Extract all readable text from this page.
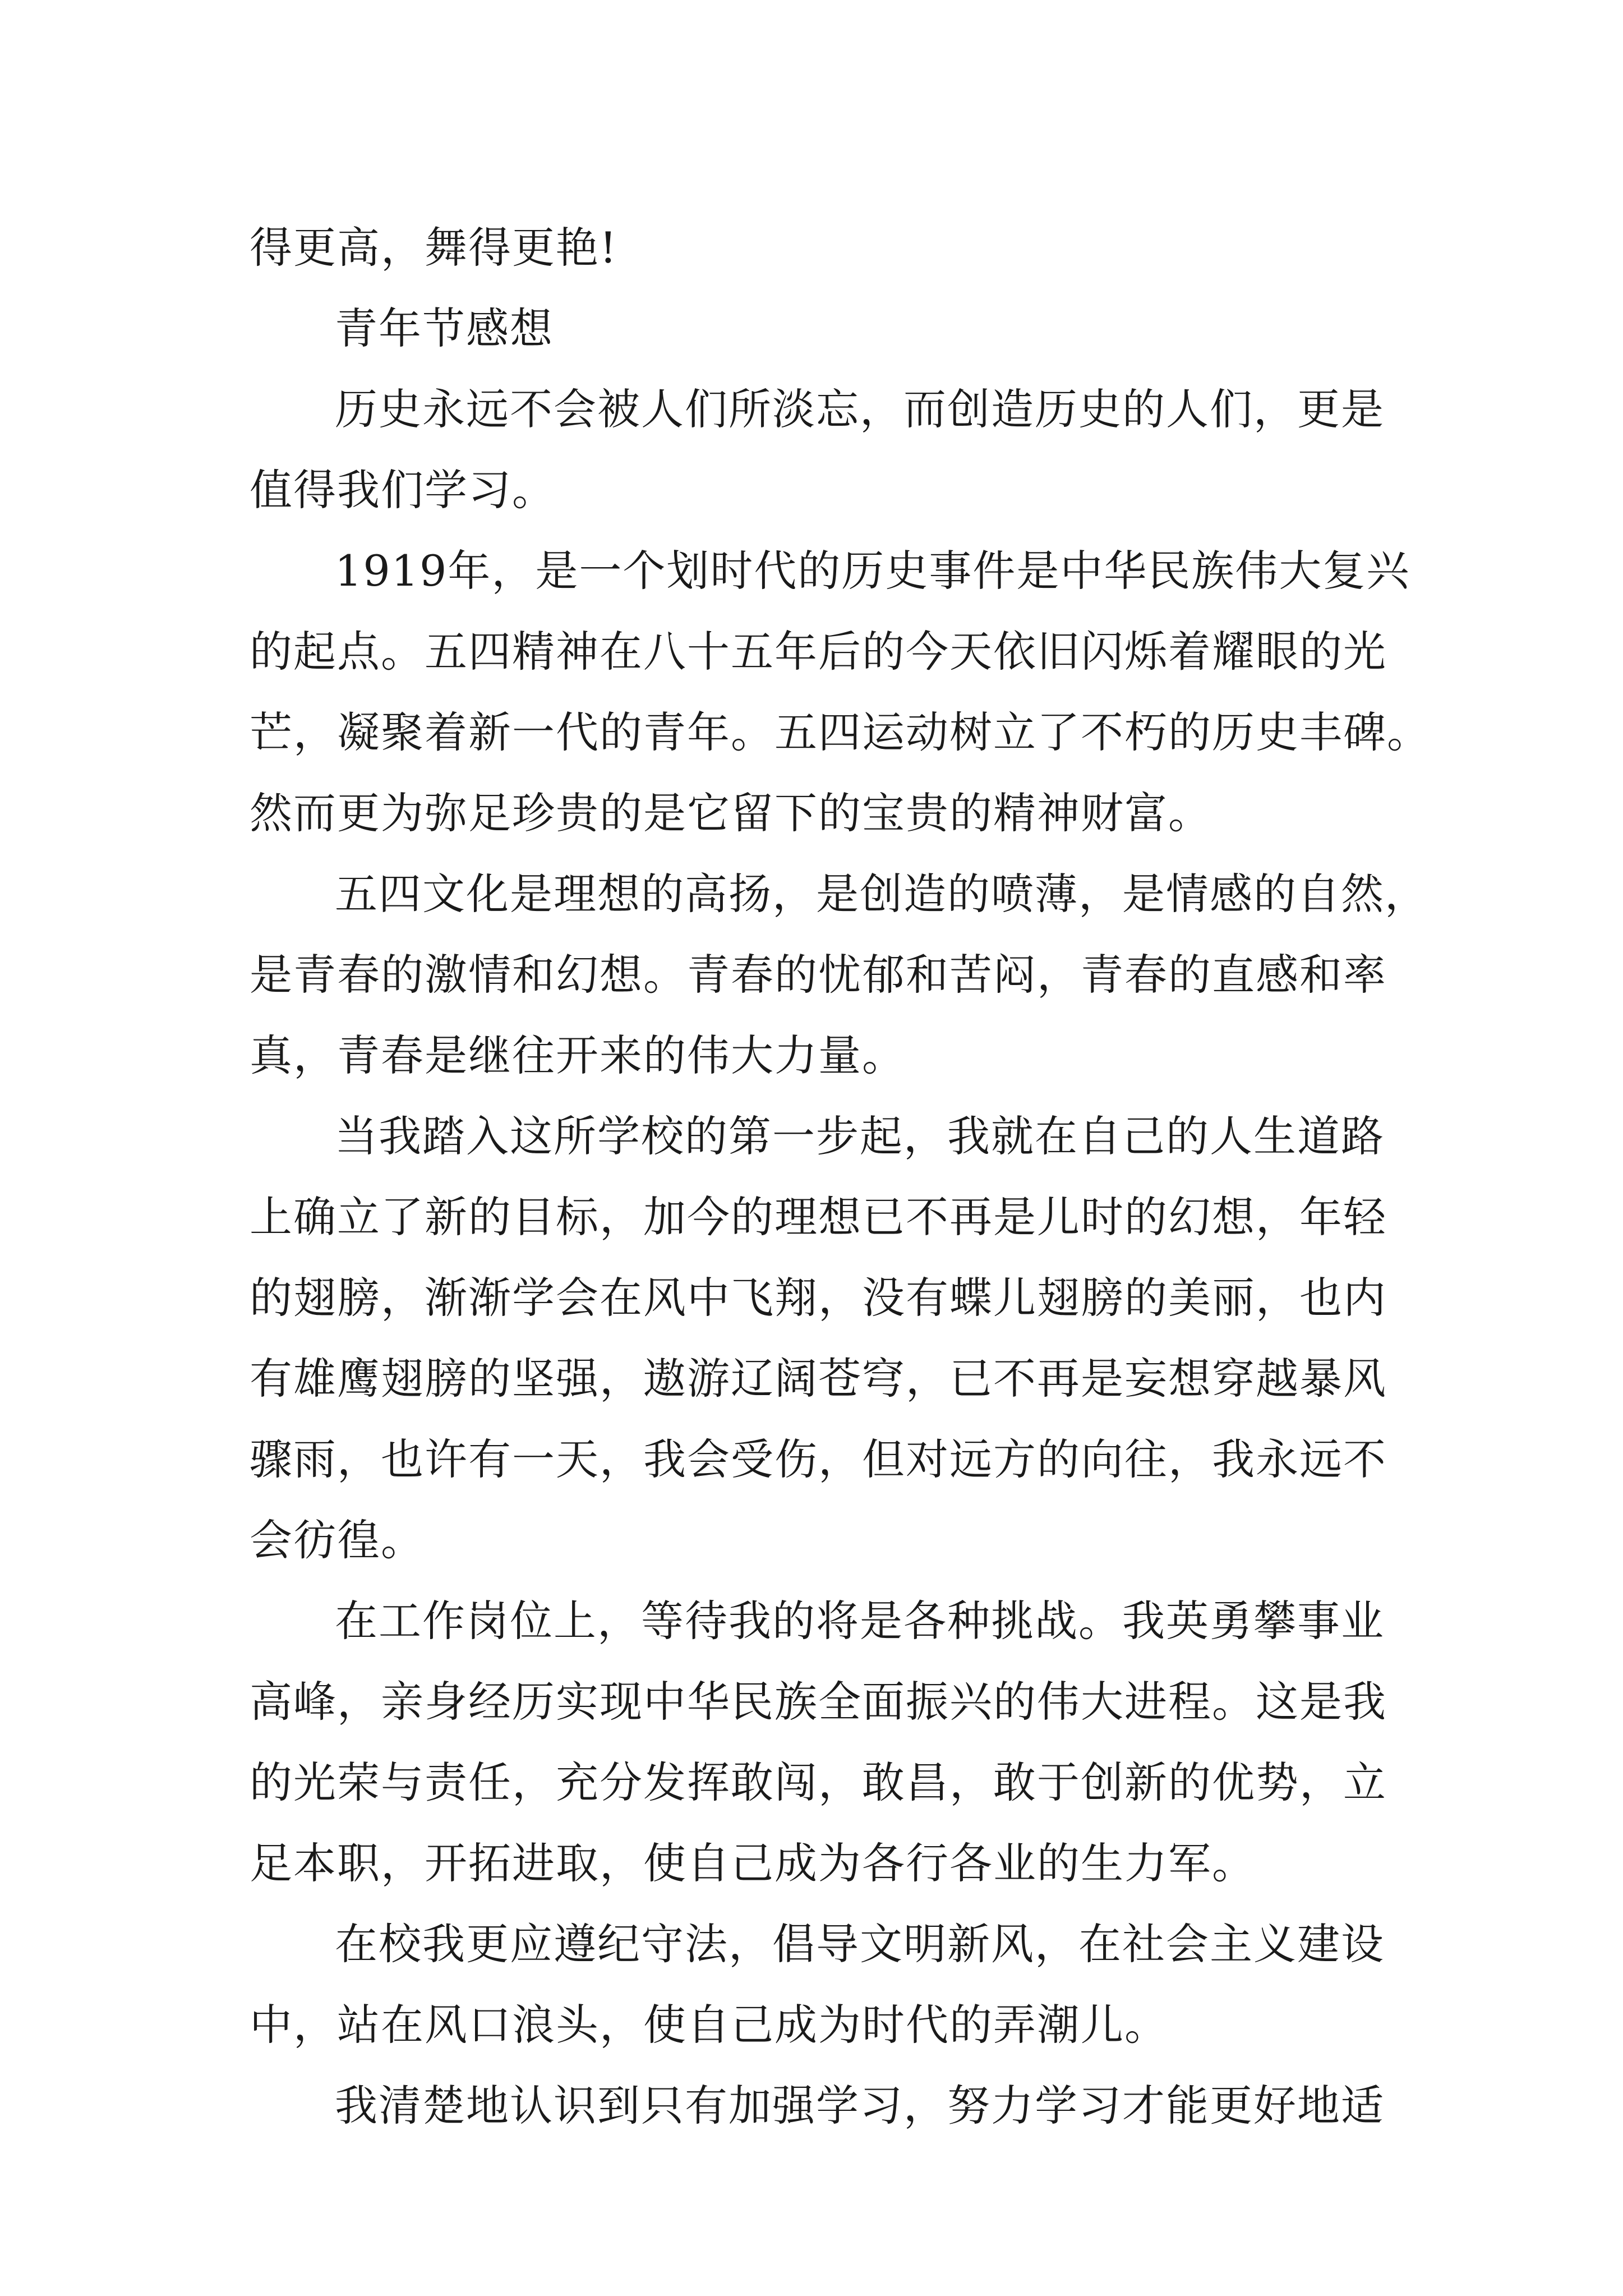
得更高，舞得更艳!
青年节感想
历史永远不会被人们所淡忘，而创造历史的人们，更是
值得我们学习。
1919年，是一个划时代的历史事件是中华民族伟大复兴
的起点。五四精神在八十五年后的今天依旧闪烁着耀眼的光
芒，凝聚着新一代的青年。五四运动树立了不朽的历史丰碑。
然而更为弥足珍贵的是它留下的宝贵的精神财富。
五四文化是理想的高扬，是创造的喷薄，是情感的自然，
是青春的激情和幻想。青春的忧郁和苦闷，青春的直感和率
真，青春是继往开来的伟大力量。
当我踏入这所学校的第一步起，我就在自己的人生道路
上确立了新的目标，加今的理想已不再是儿时的幻想，年轻
的翅膀，渐渐学会在风中飞翔，没有蝶儿翅膀的美丽，也内
有雄鹰翅膀的坚强，遨游辽阔苍穹，已不再是妄想穿越暴风
骤雨，也许有一天，我会受伤，但对远方的向往，我永远不
会彷徨。
在工作岗位上，等待我的将是各种挑战。我英勇攀事业
高峰，亲身经历实现中华民族全面振兴的伟大进程。这是我
的光荣与责任，充分发挥敢闯，敢昌，敢于创新的优势，立
足本职，开拓进取，使自己成为各行各业的生力军。
在校我更应遵纪守法，倡导文明新风，在社会主义建设
中，站在风口浪头，使自己成为时代的弄潮儿。
我清楚地认识到只有加强学习，努力学习才能更好地适
